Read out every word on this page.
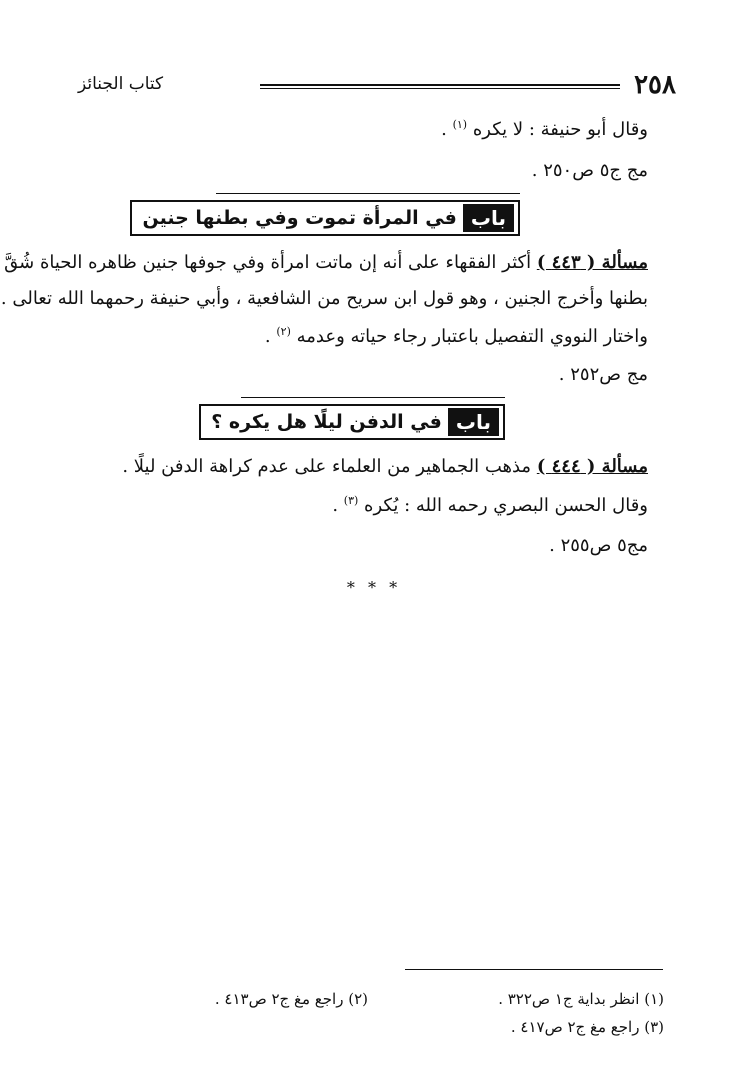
٢٥٨
كتاب الجنائز
وقال أبو حنيفة : لا يكره $^{(١)}$ .
مج ج٥ ص٢٥٠ .
باب
في المرأة تموت وفي بطنها جنين
مسألة ( ٤٤٣ ) أكثر الفقهاء على أنه إن ماتت امرأة وفي جوفها جنين ظاهره الحياة شُقَّ
بطنها وأخرج الجنين ، وهو قول ابن سريح من الشافعية ، وأبي حنيفة رحمهما الله تعالى .
واختار النووي التفصيل باعتبار رجاء حياته وعدمه $^{(٢)}$ .
مج ص٢٥٢ .
باب
في الدفن ليلًا هل يكره ؟
مسألة ( ٤٤٤ ) مذهب الجماهير من العلماء على عدم كراهة الدفن ليلًا .
وقال الحسن البصري رحمه الله : يُكره $^{(٣)}$ .
مج٥ ص٢٥٥ .
* * *
(١) انظر بداية ج١ ص٣٢٢ .
(٢) راجع مغ ج٢ ص٤١٣ .
(٣) راجع مغ ج٢ ص٤١٧ .
